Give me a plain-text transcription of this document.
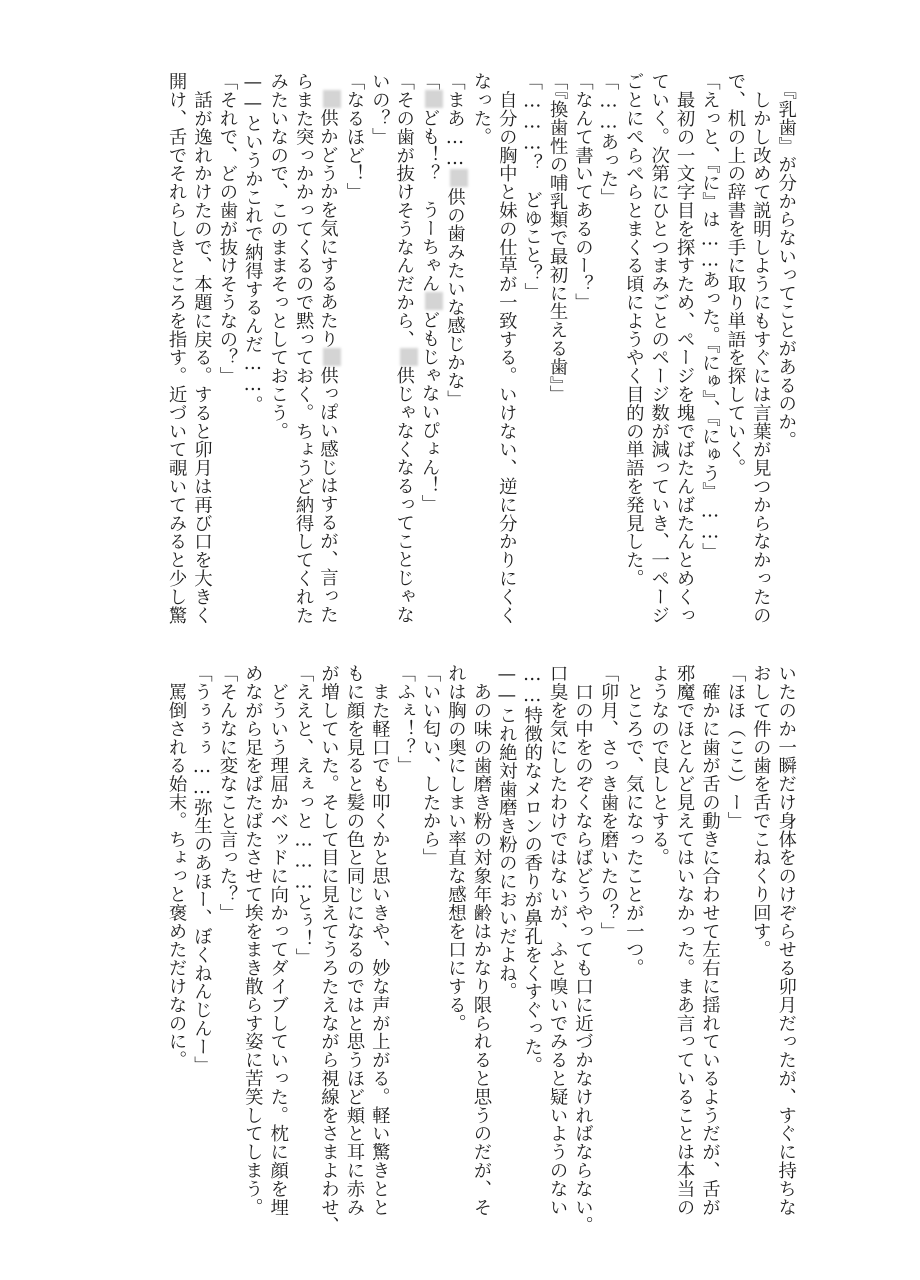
　『乳歯』が分からないってことがあるのか。
　しかし改めて説明しようにもすぐには言葉が見つからなかったの
で、机の上の辞書を手に取り単語を探していく。
「えっと、『に』は……あった。『にゅ』、『にゅう』……」
　最初の一文字目を探すため、ページを塊でばたんばたんとめくっ
ていく。次第にひとつまみごとのページ数が減っていき、一ページ
ごとにぺらぺらとまくる頃にようやく目的の単語を発見した。
「……あった」
「なんて書いてあるのー？」
「『換歯性の哺乳類で最初に生える歯』」
「………？　どゆこと？」
　自分の胸中と妹の仕草が一致する。いけない、逆に分かりにくく
なった。
「まあ……供の歯みたいな感じかな」
「ども！？　うーちゃんどもじゃないぴょん！」
「その歯が抜けそうなんだから、供じゃなくなるってことじゃな
いの？」
「なるほど！」
　供かどうかを気にするあたり供っぽい感じはするが、言った
らまた突っかかってくるので黙っておく。ちょうど納得してくれた
みたいなので、このままそっとしておこう。
——というかこれで納得するんだ……。
「それで、どの歯が抜けそうなの？」
　話が逸れかけたので、本題に戻る。すると卯月は再び口を大きく
開け、舌でそれらしきところを指す。近づいて覗いてみると少し驚
いたのか一瞬だけ身体をのけぞらせる卯月だったが、すぐに持ちな
おして件の歯を舌でこねくり回す。
「ほほ（ここ）ー」
　確かに歯が舌の動きに合わせて左右に揺れているようだが、舌が
邪魔でほとんど見えてはいなかった。まあ言っていることは本当の
ようなので良しとする。
　ところで、気になったことが一つ。
「卯月、さっき歯を磨いたの？」
　口の中をのぞくならばどうやっても口に近づかなければならない。
口臭を気にしたわけではないが、ふと嗅いでみると疑いようのない
……特徴的なメロンの香りが鼻孔をくすぐった。
——これ絶対歯磨き粉のにおいだよね。
　あの味の歯磨き粉の対象年齢はかなり限られると思うのだが、そ
れは胸の奥にしまい率直な感想を口にする。
「いい匂い、したから」
「ふぇ！？」
　また軽口でも叩くかと思いきや、妙な声が上がる。軽い驚きとと
もに顔を見ると髪の色と同じになるのではと思うほど頬と耳に赤み
が増していた。そして目に見えてうろたえながら視線をさまよわせ、
「ええと、えぇっと………とぅ！」
　どういう理屈かベッドに向かってダイブしていった。枕に顔を埋
めながら足をばたばたさせて埃をまき散らす姿に苦笑してしまう。
「そんなに変なこと言った？」
「うぅぅぅ……弥生のあほー、ぼくねんじんー」
　罵倒される始末。ちょっと褒めただけなのに。
